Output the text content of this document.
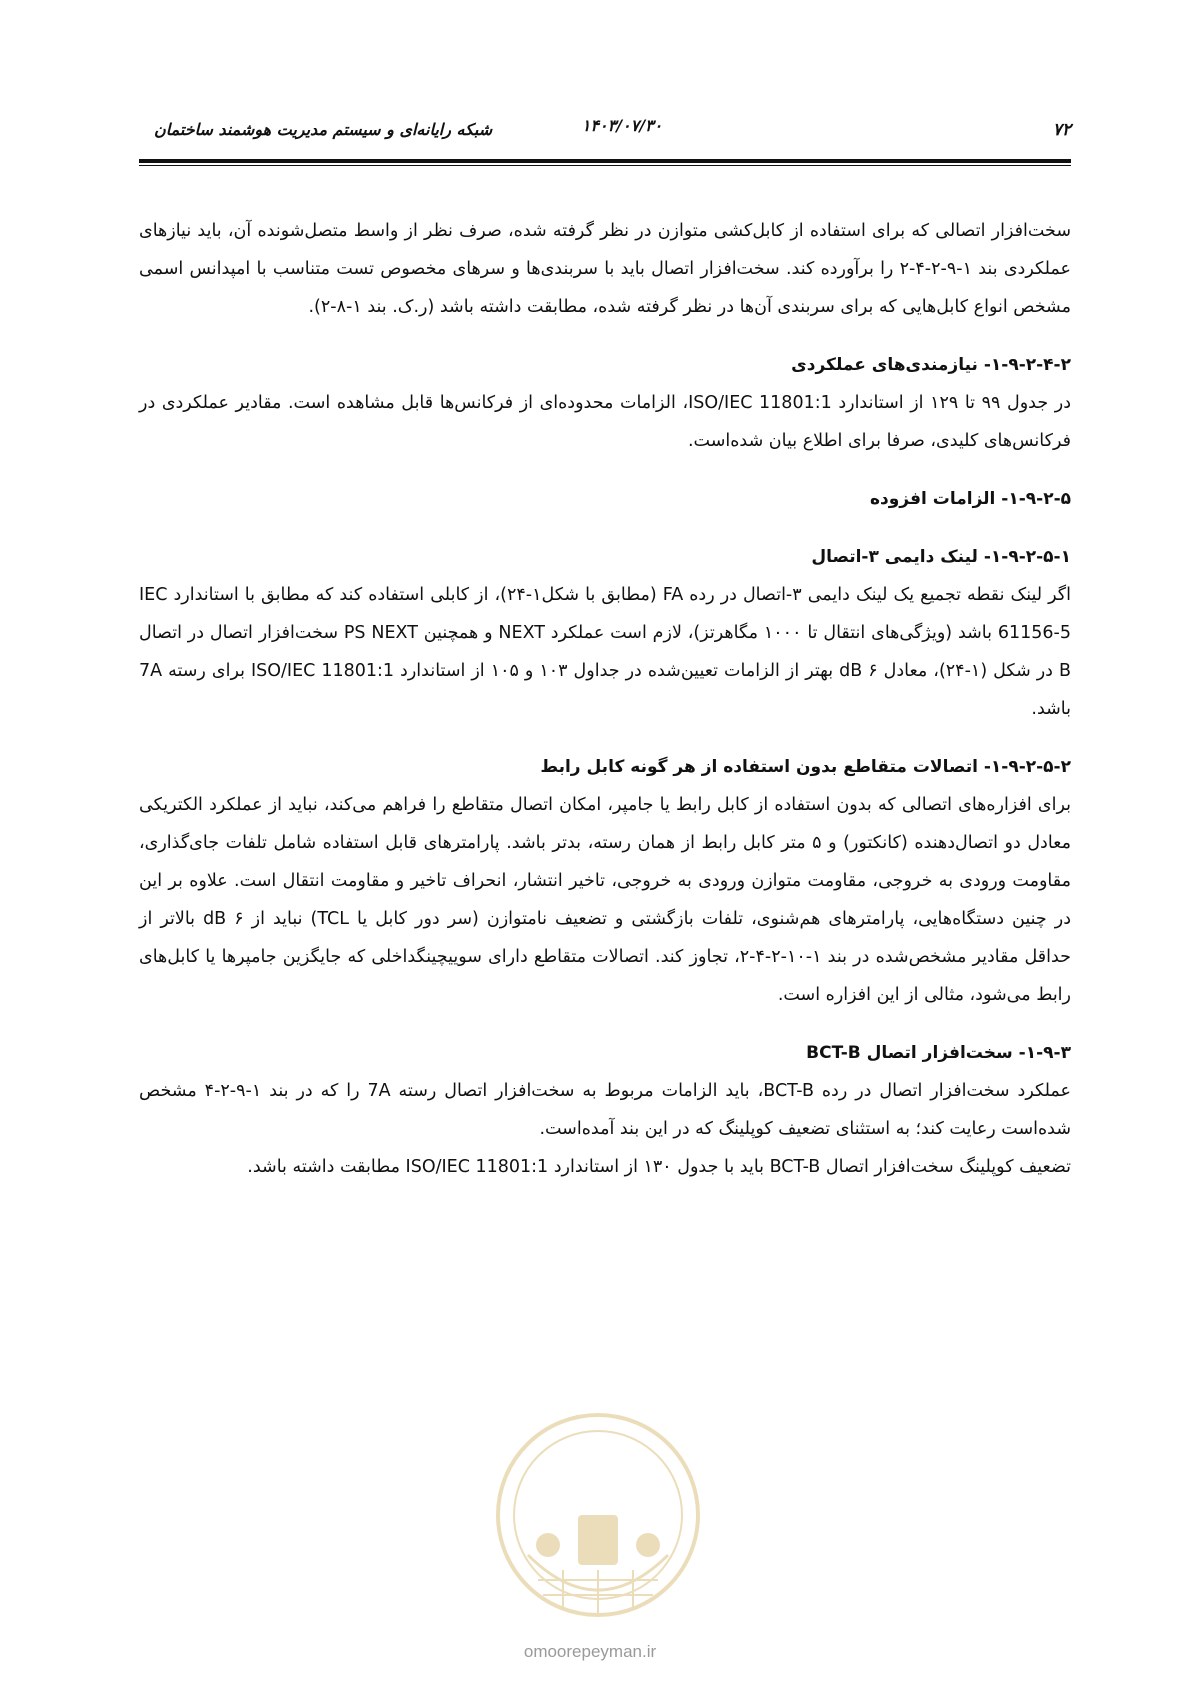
۷۲
۱۴۰۳/۰۷/۳۰
شبکه رایانه‌ای و سیستم مدیریت هوشمند ساختمان

سخت‌افزار اتصالی که برای استفاده از کابل‌کشی متوازن در نظر گرفته شده، صرف نظر از واسط متصل‌شونده آن، باید نیازهای عملکردی بند ۱-۹-۲-۴-۲ را برآورده کند. سخت‌افزار اتصال باید با سربندی‌ها و سرهای مخصوص تست متناسب با امپدانس اسمی مشخص انواع کابل‌هایی که برای سربندی آن‌ها در نظر گرفته شده، مطابقت داشته باشد (ر.ک. بند ۱-۸-۲).

۱-۹-۲-۴-۲- نیازمندی‌های عملکردی

در جدول ۹۹ تا ۱۲۹ از استاندارد ISO/IEC 11801:1، الزامات محدوده‌ای از فرکانس‌ها قابل مشاهده است. مقادیر عملکردی در فرکانس‌های کلیدی، صرفا برای اطلاع بیان شده‌است.

۱-۹-۲-۵- الزامات افزوده

۱-۹-۲-۵-۱- لینک دایمی ۳-اتصال

اگر لینک نقطه تجمیع یک لینک دایمی ۳-اتصال در رده FA (مطابق با شکل۱-۲۴)، از کابلی استفاده کند که مطابق با استاندارد IEC 61156-5 باشد (ویژگی‌های انتقال تا ۱۰۰۰ مگاهرتز)، لازم است عملکرد NEXT و همچنین PS NEXT سخت‌افزار اتصال در اتصال B در شکل (۱-۲۴)، معادل ۶ dB بهتر از الزامات تعیین‌شده در جداول ۱۰۳ و ۱۰۵ از استاندارد ISO/IEC 11801:1 برای رسته 7A باشد.

۱-۹-۲-۵-۲- اتصالات متقاطع بدون استفاده از هر گونه کابل رابط

برای افزاره‌های اتصالی که بدون استفاده از کابل رابط یا جامپر، امکان اتصال متقاطع را فراهم می‌کند، نباید از عملکرد الکتریکی معادل دو اتصال‌دهنده (کانکتور) و ۵ متر کابل رابط از همان رسته، بدتر باشد. پارامترهای قابل استفاده شامل تلفات جای‌گذاری، مقاومت ورودی به خروجی، مقاومت متوازن ورودی به خروجی، تاخیر انتشار، انحراف تاخیر و مقاومت انتقال است. علاوه بر این در چنین دستگاه‌هایی، پارامترهای هم‌شنوی، تلفات بازگشتی و تضعیف نامتوازن (سر دور کابل یا TCL) نباید از ۶ dB بالاتر از حداقل مقادیر مشخص‌شده در بند ۱-۱۰-۲-۴-۲، تجاوز کند. اتصالات متقاطع دارای سوییچینگداخلی که جایگزین جامپرها یا کابل‌های رابط می‌شود، مثالی از این افزاره است.

۱-۹-۳- سخت‌افزار اتصال BCT-B

عملکرد سخت‌افزار اتصال در رده BCT-B، باید الزامات مربوط به سخت‌افزار اتصال رسته 7A را که در بند ۱-۹-۲-۴ مشخص شده‌است رعایت کند؛ به استثنای تضعیف کوپلینگ که در این بند آمده‌است.

تضعیف کوپلینگ سخت‌افزار اتصال BCT-B باید با جدول ۱۳۰ از استاندارد ISO/IEC 11801:1 مطابقت داشته باشد.

omoorepeyman.ir
